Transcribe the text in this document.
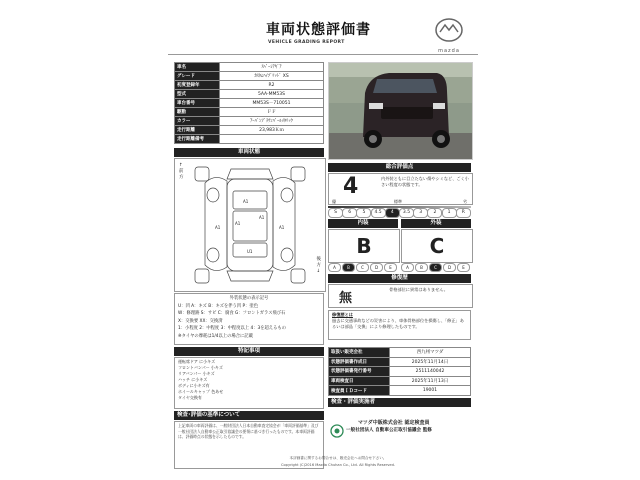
車両状態評価書
VEHICLE GRADING REPORT
mazda
車名	ｽﾍﾟｰｼｱｷﾞｱ
グレード	ｶｽﾀﾑﾊｲﾌﾞﾘｯﾄﾞ XS
初度登録年	R2
型式	5AA-MM53S
車台番号	MM53S－710051
駆動	ＦＦ
カラー	ｱｰﾊﾞﾝﾌﾞﾗｳﾝﾊﾟｰﾙﾒﾀﾘｯｸ
走行距離	23,983Ｋｍ
走行距離備考	
車両状態
↑
前
方
後
方
↓
A1
A1
A1
A1	A1
U1
外装状態の表示記号
U：凹 A：キズ B：キズを伴う凹 P：塗色
W：修理跡 S：サビ C：腐食 G：フロントガラス飛び石
X：交換要 XX：交換済
1：小程度 2：中程度 3：中程度以上 4：3を超えるもの
※タイヤの摩耗は1/4以上の場合に記載
特記事項
運転席ドア に小キズ
フロントバンパー 小キズ
リアバンパー 小キズ
ハッチ に小キズ
ボディに小キズ有
ホイールキャップ 色あせ
タイヤ交換有
検査･評価の基準について
上記車両の車両評価は、一般財団法人日本自動車査定協会が「車両評価基準」及び一般社団法人自動車公正取引協議会の要領に基づき行ったものです。本車両評価は、評価時点の状態を示したものです。
総合評価点
4	内外装ともに目立たない傷やシミなど、ごく小さい程度の状態です。
優	標準	劣
S	6	5	4.5	4	3.5	3	2	1	R
内装	外装
B	C
A	B	C	D	E	A	B	C	D	E
修復歴
無
骨格部位に異常はありません。
修復歴とは
過去に交通事故などの災害により、車体骨格部位を損傷し、「修正」あるいは部品「交換」により修理したものです。
取扱い販売会社	西九州マツダ
状態評価書作成日	2025年11月14日
状態評価書発行番号	2511140042
車両検査日	2025年11月13日
検査員ＩＤコード	19001
検査・評価実施者
マツダ中販株式会社 認定検査員
一般社団法人 自動車公正取引協議会 監修
本評価書に関するお問合せは、販売会社へお問合せ下さい。
Copyright (C)2016 Mazda Chuhan Co., Ltd. All Rights Reserved.
